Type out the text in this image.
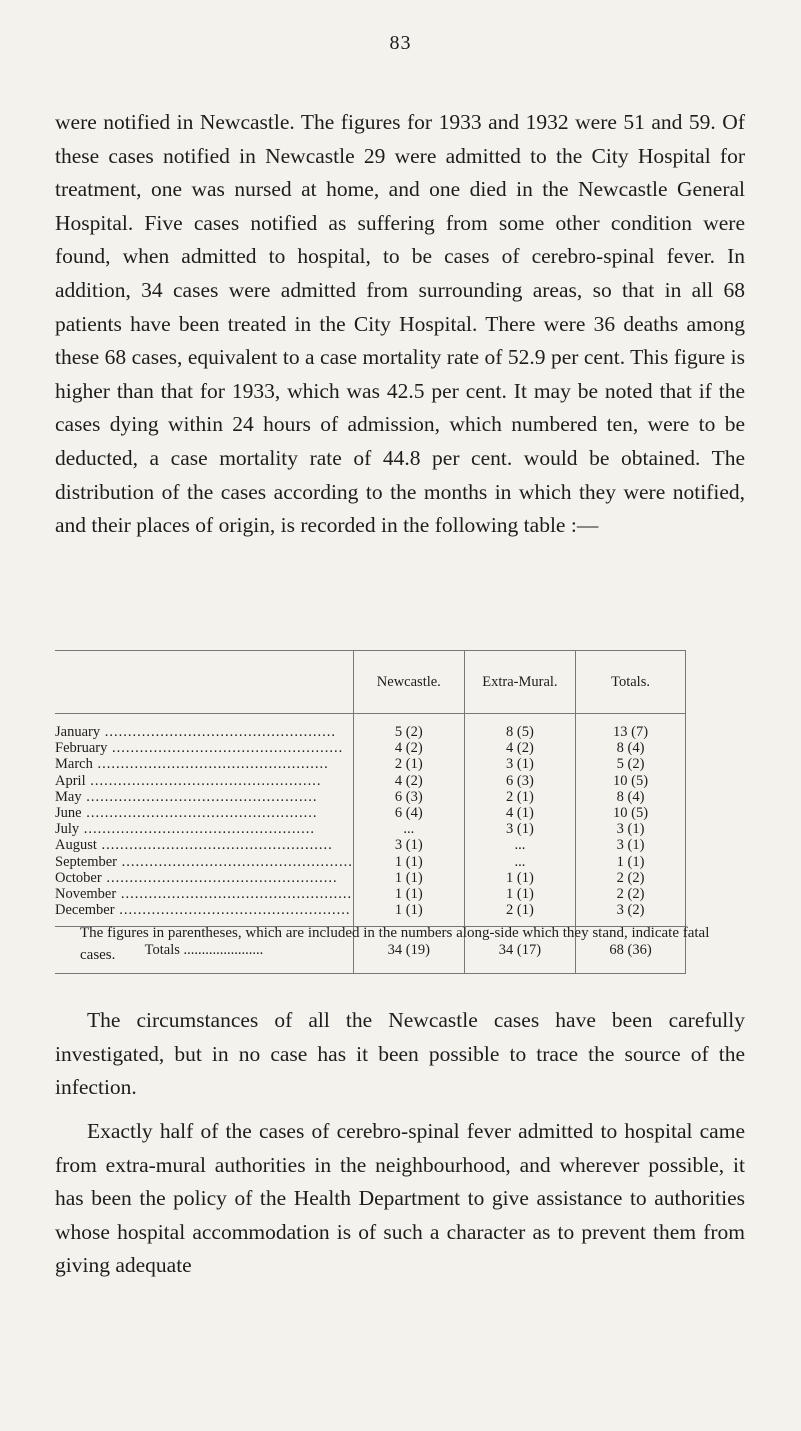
83

were notified in Newcastle. The figures for 1933 and 1932 were 51 and 59. Of these cases notified in Newcastle 29 were admitted to the City Hospital for treatment, one was nursed at home, and one died in the Newcastle General Hospital. Five cases notified as suffering from some other condition were found, when admitted to hospital, to be cases of cerebro-spinal fever. In addition, 34 cases were admitted from surrounding areas, so that in all 68 patients have been treated in the City Hospital. There were 36 deaths among these 68 cases, equivalent to a case mortality rate of 52.9 per cent. This figure is higher than that for 1933, which was 42.5 per cent. It may be noted that if the cases dying within 24 hours of admission, which numbered ten, were to be deducted, a case mortality rate of 44.8 per cent. would be obtained. The distribution of the cases according to the months in which they were notified, and their places of origin, is recorded in the following table :—

	Newcastle.	Extra-Mural.	Totals.
January ..................................................	5 (2)	8 (5)	13 (7)
February ..................................................	4 (2)	4 (2)	8 (4)
March ..................................................	2 (1)	3 (1)	5 (2)
April ..................................................	4 (2)	6 (3)	10 (5)
May ..................................................	6 (3)	2 (1)	8 (4)
June ..................................................	6 (4)	4 (1)	10 (5)
July ..................................................	...	3 (1)	3 (1)
August ..................................................	3 (1)	...	3 (1)
September ..................................................	1 (1)	...	1 (1)
October ..................................................	1 (1)	1 (1)	2 (2)
November ..................................................	1 (1)	1 (1)	2 (2)
December ..................................................	1 (1)	2 (1)	3 (2)
Totals ......................	34 (19)	34 (17)	68 (36)

The figures in parentheses, which are included in the numbers along-side which they stand, indicate fatal cases.

The circumstances of all the Newcastle cases have been carefully investigated, but in no case has it been possible to trace the source of the infection.

Exactly half of the cases of cerebro-spinal fever admitted to hospital came from extra-mural authorities in the neighbourhood, and wherever possible, it has been the policy of the Health Department to give assistance to authorities whose hospital accommodation is of such a character as to prevent them from giving adequate
